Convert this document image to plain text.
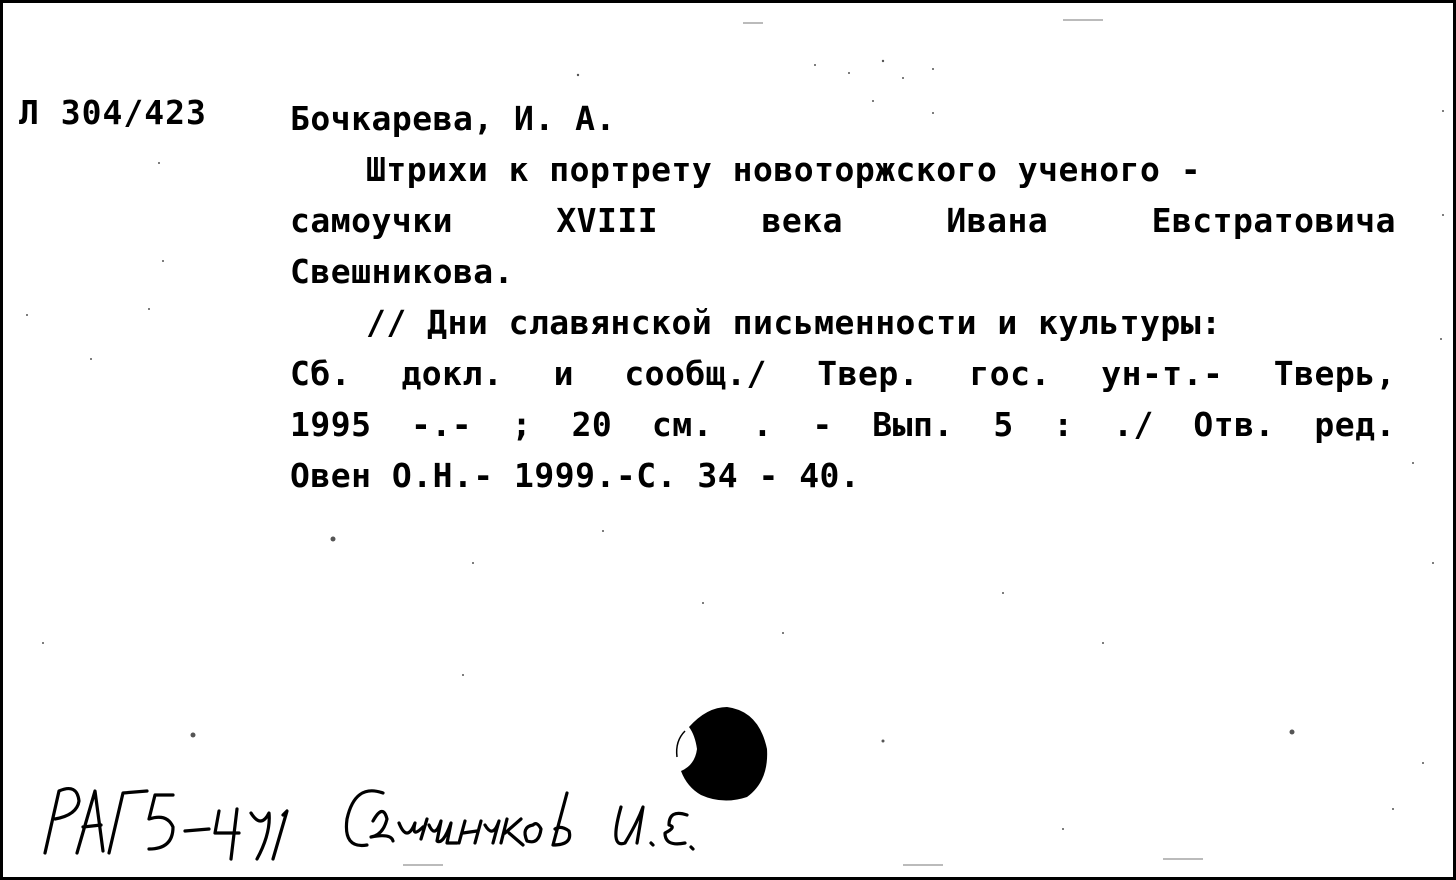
Л 304/423	Бочкарева, И. А.
Штрихи к портрету новоторжского ученого -
самоучки	XVIII	века	Ивана	Евстратовича
Свешникова.
// Дни славянской письменности и культуры:
Сб. докл. и сообщ./ Твер. гос. ун-т.- Тверь,
1995 -.- ; 20 см. . - Вып. 5 : ./ Отв. ред.
Овен О.Н.- 1999.-С. 34 - 40.
